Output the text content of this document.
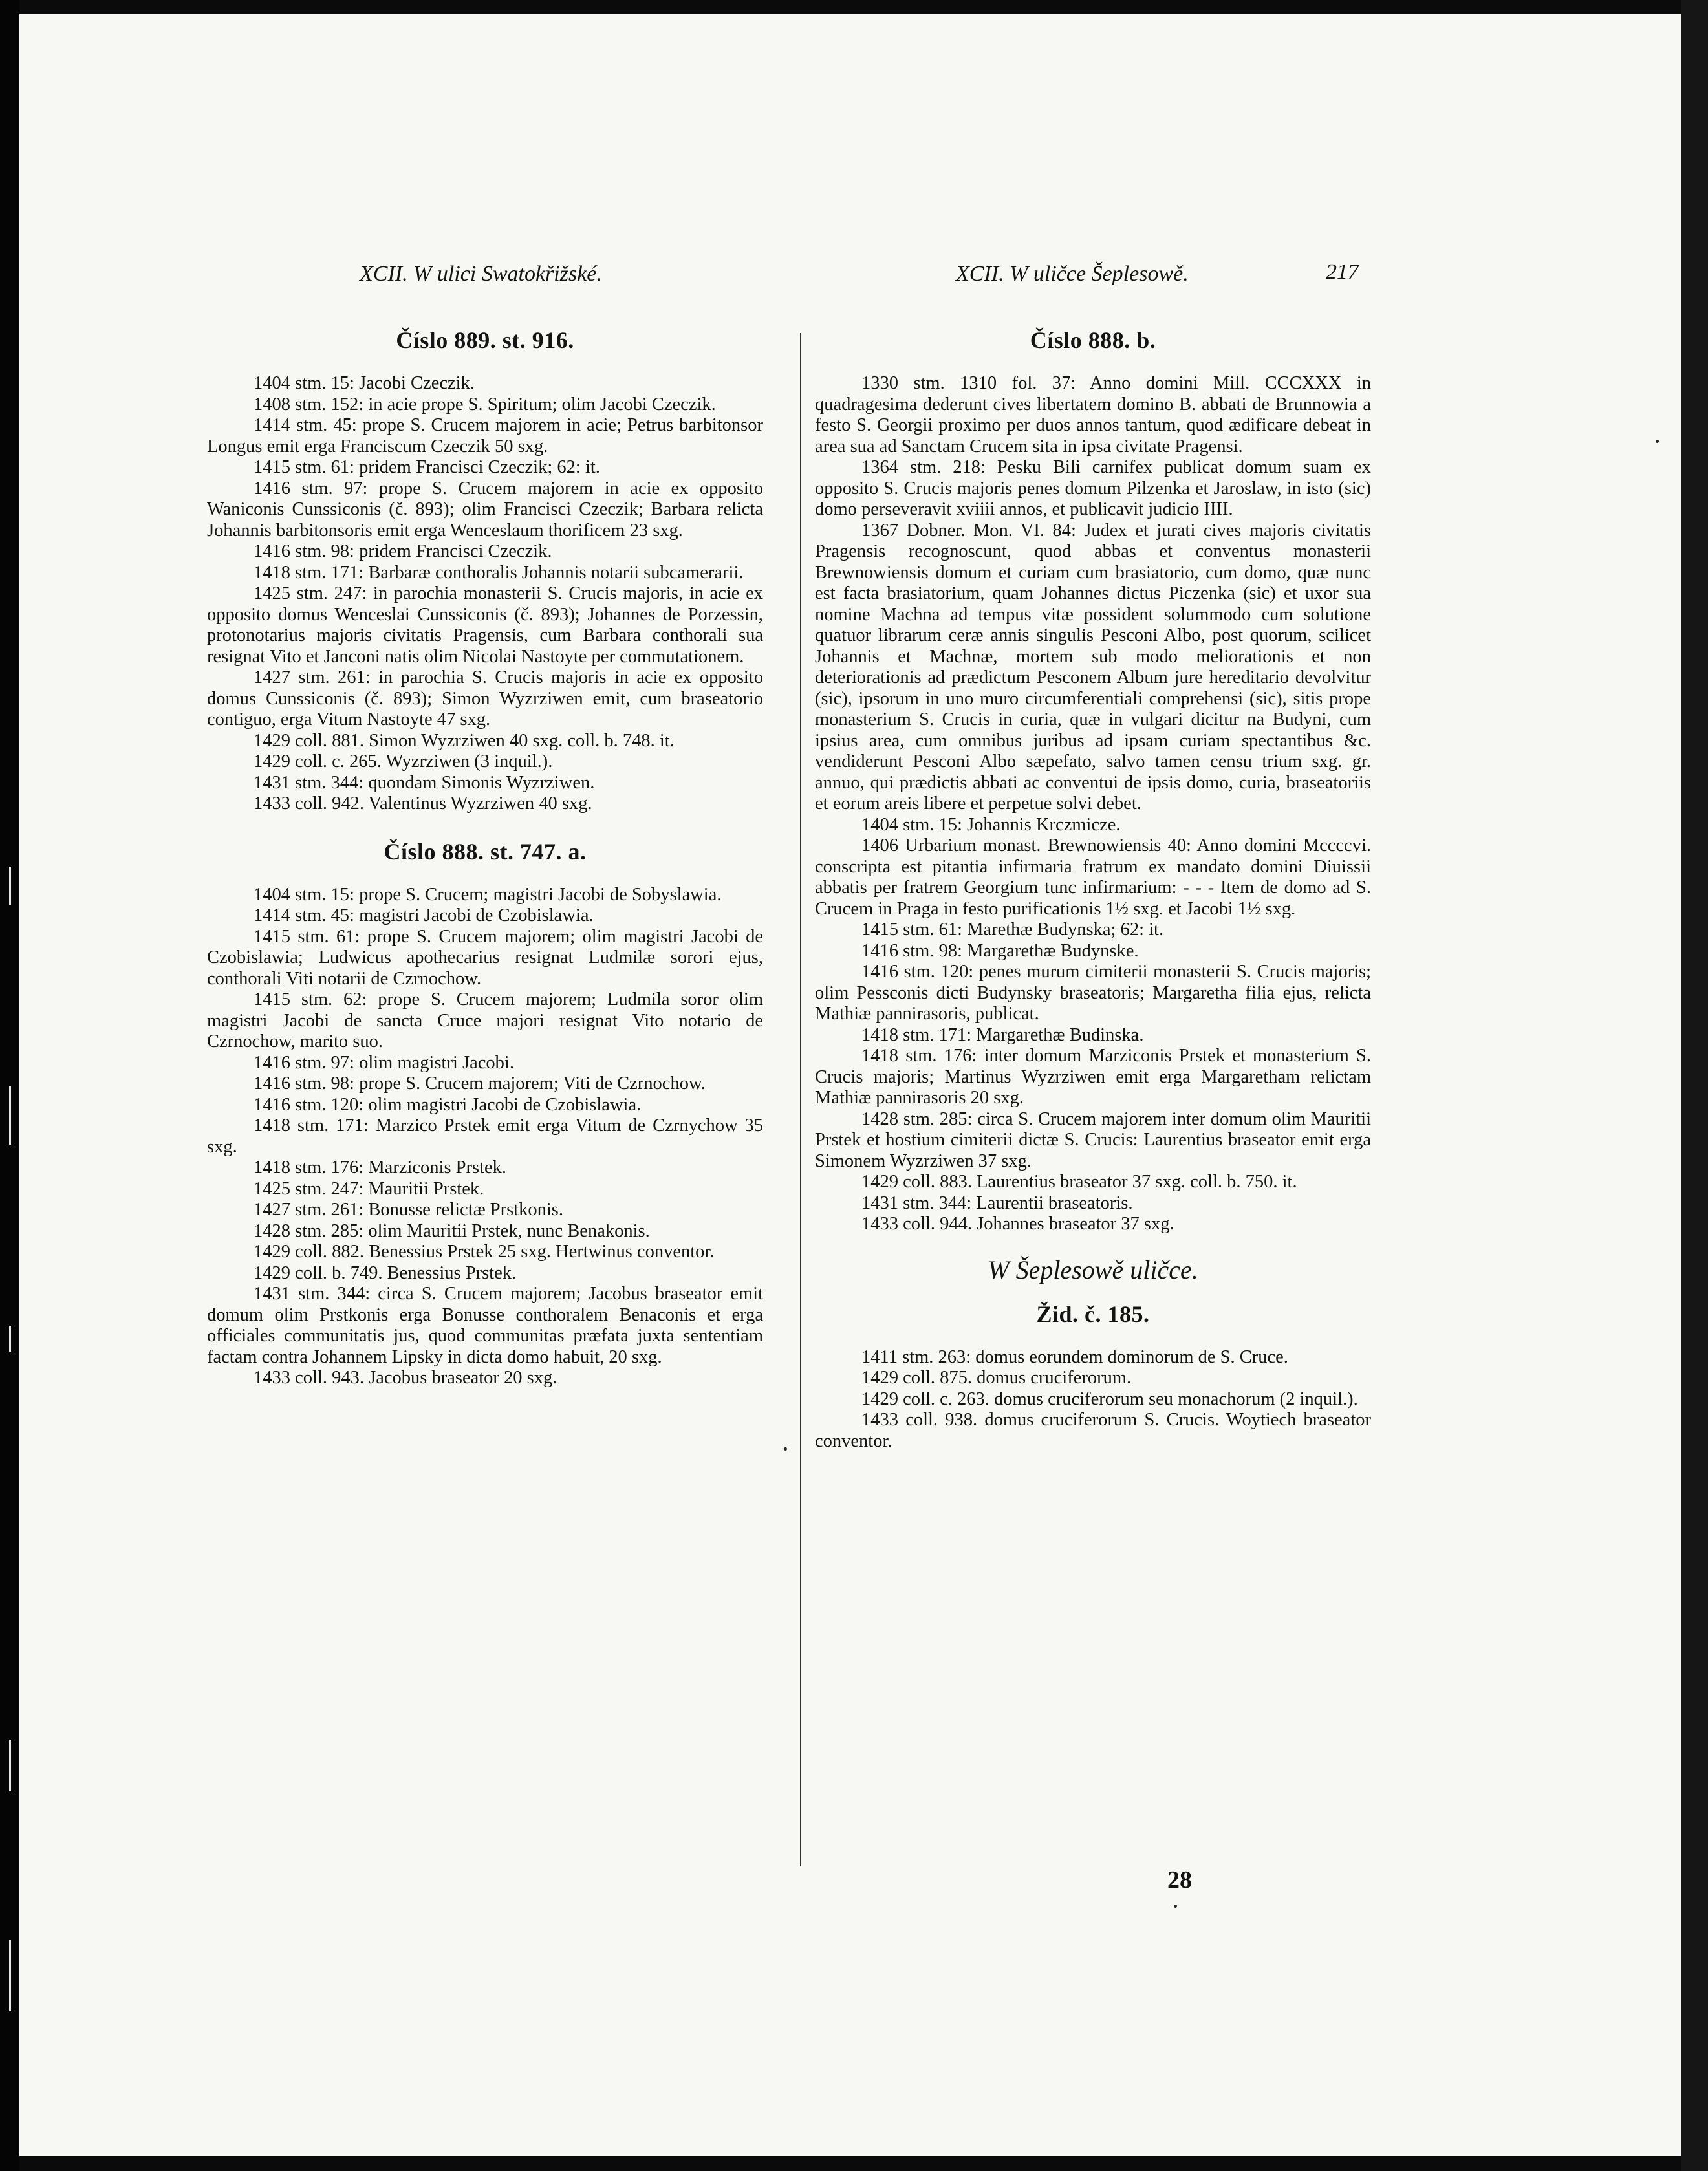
XCII. W ulici Swatokřižské.	XCII. W uličce Šeplesowě.	217
Číslo 889. st. 916.

1404 stm. 15: Jacobi Czeczik.

1408 stm. 152: in acie prope S. Spiritum; olim Jacobi Czeczik.

1414 stm. 45: prope S. Crucem majorem in acie; Petrus barbitonsor Longus emit erga Franciscum Czeczik 50 sxg.

1415 stm. 61: pridem Francisci Czeczik; 62: it.

1416 stm. 97: prope S. Crucem majorem in acie ex opposito Waniconis Cunssiconis (č. 893); olim Francisci Czeczik; Barbara relicta Johannis barbitonsoris emit erga Wenceslaum thorificem 23 sxg.

1416 stm. 98: pridem Francisci Czeczik.

1418 stm. 171: Barbaræ conthoralis Johannis notarii subcamerarii.

1425 stm. 247: in parochia monasterii S. Crucis majoris, in acie ex opposito domus Wenceslai Cunssiconis (č. 893); Johannes de Porzessin, protonotarius majoris civitatis Pragensis, cum Barbara conthorali sua resignat Vito et Janconi natis olim Nicolai Nastoyte per commutationem.

1427 stm. 261: in parochia S. Crucis majoris in acie ex opposito domus Cunssiconis (č. 893); Simon Wyzrziwen emit, cum braseatorio contiguo, erga Vitum Nastoyte 47 sxg.

1429 coll. 881. Simon Wyzrziwen 40 sxg. coll. b. 748. it.

1429 coll. c. 265. Wyzrziwen (3 inquil.).

1431 stm. 344: quondam Simonis Wyzrziwen.

1433 coll. 942. Valentinus Wyzrziwen 40 sxg.

Číslo 888. st. 747. a.

1404 stm. 15: prope S. Crucem; magistri Jacobi de Sobyslawia.

1414 stm. 45: magistri Jacobi de Czobislawia.

1415 stm. 61: prope S. Crucem majorem; olim magistri Jacobi de Czobislawia; Ludwicus apothecarius resignat Ludmilæ sorori ejus, conthorali Viti notarii de Czrnochow.

1415 stm. 62: prope S. Crucem majorem; Ludmila soror olim magistri Jacobi de sancta Cruce majori resignat Vito notario de Czrnochow, marito suo.

1416 stm. 97: olim magistri Jacobi.

1416 stm. 98: prope S. Crucem majorem; Viti de Czrnochow.

1416 stm. 120: olim magistri Jacobi de Czobislawia.

1418 stm. 171: Marzico Prstek emit erga Vitum de Czrnychow 35 sxg.

1418 stm. 176: Marziconis Prstek.

1425 stm. 247: Mauritii Prstek.

1427 stm. 261: Bonusse relictæ Prstkonis.

1428 stm. 285: olim Mauritii Prstek, nunc Benakonis.

1429 coll. 882. Benessius Prstek 25 sxg. Hertwinus conventor.

1429 coll. b. 749. Benessius Prstek.

1431 stm. 344: circa S. Crucem majorem; Jacobus braseator emit domum olim Prstkonis erga Bonusse conthoralem Benaconis et erga officiales communitatis jus, quod communitas præfata juxta sententiam factam contra Johannem Lipsky in dicta domo habuit, 20 sxg.

1433 coll. 943. Jacobus braseator 20 sxg.

Číslo 888. b.

1330 stm. 1310 fol. 37: Anno domini Mill. CCCXXX in quadragesima dederunt cives libertatem domino B. abbati de Brunnowia a festo S. Georgii proximo per duos annos tantum, quod ædificare debeat in area sua ad Sanctam Crucem sita in ipsa civitate Pragensi.

1364 stm. 218: Pesku Bili carnifex publicat domum suam ex opposito S. Crucis majoris penes domum Pilzenka et Jaroslaw, in isto (sic) domo perseveravit xviiii annos, et publicavit judicio IIII.

1367 Dobner. Mon. VI. 84: Judex et jurati cives majoris civitatis Pragensis recognoscunt, quod abbas et conventus monasterii Brewnowiensis domum et curiam cum brasiatorio, cum domo, quæ nunc est facta brasiatorium, quam Johannes dictus Piczenka (sic) et uxor sua nomine Machna ad tempus vitæ possident solummodo cum solutione quatuor librarum ceræ annis singulis Pesconi Albo, post quorum, scilicet Johannis et Machnæ, mortem sub modo meliorationis et non deteriorationis ad prædictum Pesconem Album jure hereditario devolvitur (sic), ipsorum in uno muro circumferentiali comprehensi (sic), sitis prope monasterium S. Crucis in curia, quæ in vulgari dicitur na Budyni, cum ipsius area, cum omnibus juribus ad ipsam curiam spectantibus &c. vendiderunt Pesconi Albo sæpefato, salvo tamen censu trium sxg. gr. annuo, qui prædictis abbati ac conventui de ipsis domo, curia, braseatoriis et eorum areis libere et perpetue solvi debet.

1404 stm. 15: Johannis Krczmicze.

1406 Urbarium monast. Brewnowiensis 40: Anno domini Mccccvi. conscripta est pitantia infirmaria fratrum ex mandato domini Diuissii abbatis per fratrem Georgium tunc infirmarium: - - - Item de domo ad S. Crucem in Praga in festo purificationis 1½ sxg. et Jacobi 1½ sxg.

1415 stm. 61: Marethæ Budynska; 62: it.

1416 stm. 98: Margarethæ Budynske.

1416 stm. 120: penes murum cimiterii monasterii S. Crucis majoris; olim Pessconis dicti Budynsky braseatoris; Margaretha filia ejus, relicta Mathiæ pannirasoris, publicat.

1418 stm. 171: Margarethæ Budinska.

1418 stm. 176: inter domum Marziconis Prstek et monasterium S. Crucis majoris; Martinus Wyzrziwen emit erga Margaretham relictam Mathiæ pannirasoris 20 sxg.

1428 stm. 285: circa S. Crucem majorem inter domum olim Mauritii Prstek et hostium cimiterii dictæ S. Crucis: Laurentius braseator emit erga Simonem Wyzrziwen 37 sxg.

1429 coll. 883. Laurentius braseator 37 sxg. coll. b. 750. it.

1431 stm. 344: Laurentii braseatoris.

1433 coll. 944. Johannes braseator 37 sxg.

W Šeplesowě uličce.
Žid. č. 185.

1411 stm. 263: domus eorundem dominorum de S. Cruce.

1429 coll. 875. domus cruciferorum.

1429 coll. c. 263. domus cruciferorum seu monachorum (2 inquil.).

1433 coll. 938. domus cruciferorum S. Crucis. Woytiech braseator conventor.

28
